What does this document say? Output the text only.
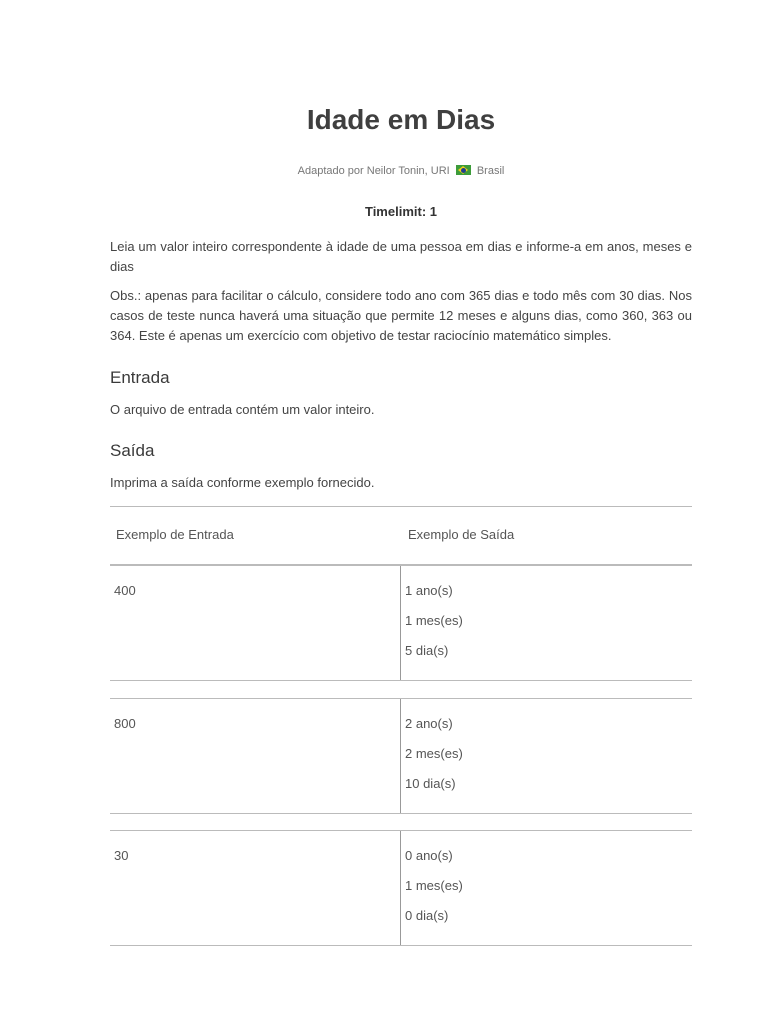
Idade em Dias
Adaptado por Neilor Tonin, URI Brasil
Timelimit: 1

Leia um valor inteiro correspondente à idade de uma pessoa em dias e informe-a em anos, meses e dias

Obs.: apenas para facilitar o cálculo, considere todo ano com 365 dias e todo mês com 30 dias. Nos casos de teste nunca haverá uma situação que permite 12 meses e alguns dias, como 360, 363 ou 364. Este é apenas um exercício com objetivo de testar raciocínio matemático simples.

Entrada

O arquivo de entrada contém um valor inteiro.

Saída

Imprima a saída conforme exemplo fornecido.

Exemplo de Entrada	Exemplo de Saída
400	1 ano(s)
1 mes(es)
5 dia(s)
800	2 ano(s)
2 mes(es)
10 dia(s)
30	0 ano(s)
1 mes(es)
0 dia(s)
